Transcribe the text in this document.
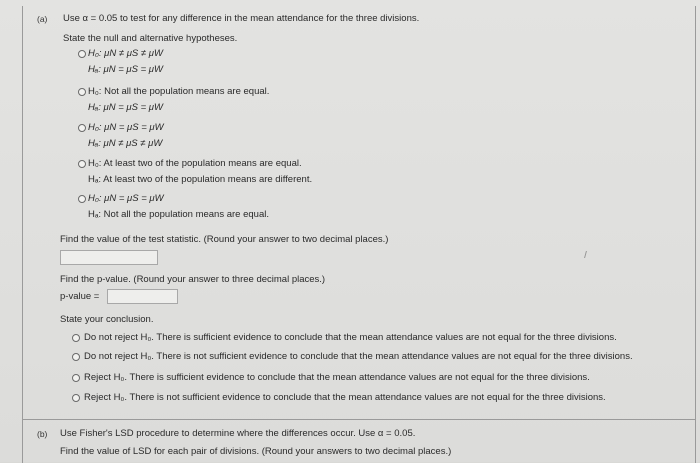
(a) Use α = 0.05 to test for any difference in the mean attendance for the three divisions.
State the null and alternative hypotheses.
H₀: μN ≠ μS ≠ μW
Hₐ: μN = μS = μW
H₀: Not all the population means are equal.
Hₐ: μN = μS = μW
H₀: μN = μS = μW
Hₐ: μN ≠ μS ≠ μW
H₀: At least two of the population means are equal.
Hₐ: At least two of the population means are different.
H₀: μN = μS = μW
Hₐ: Not all the population means are equal.
Find the value of the test statistic. (Round your answer to two decimal places.)
Find the p-value. (Round your answer to three decimal places.)
p-value =
State your conclusion.
Do not reject H₀. There is sufficient evidence to conclude that the mean attendance values are not equal for the three divisions.
Do not reject H₀. There is not sufficient evidence to conclude that the mean attendance values are not equal for the three divisions.
Reject H₀. There is sufficient evidence to conclude that the mean attendance values are not equal for the three divisions.
Reject H₀. There is not sufficient evidence to conclude that the mean attendance values are not equal for the three divisions.
(b) Use Fisher's LSD procedure to determine where the differences occur. Use α = 0.05.
Find the value of LSD for each pair of divisions. (Round your answers to two decimal places.)
